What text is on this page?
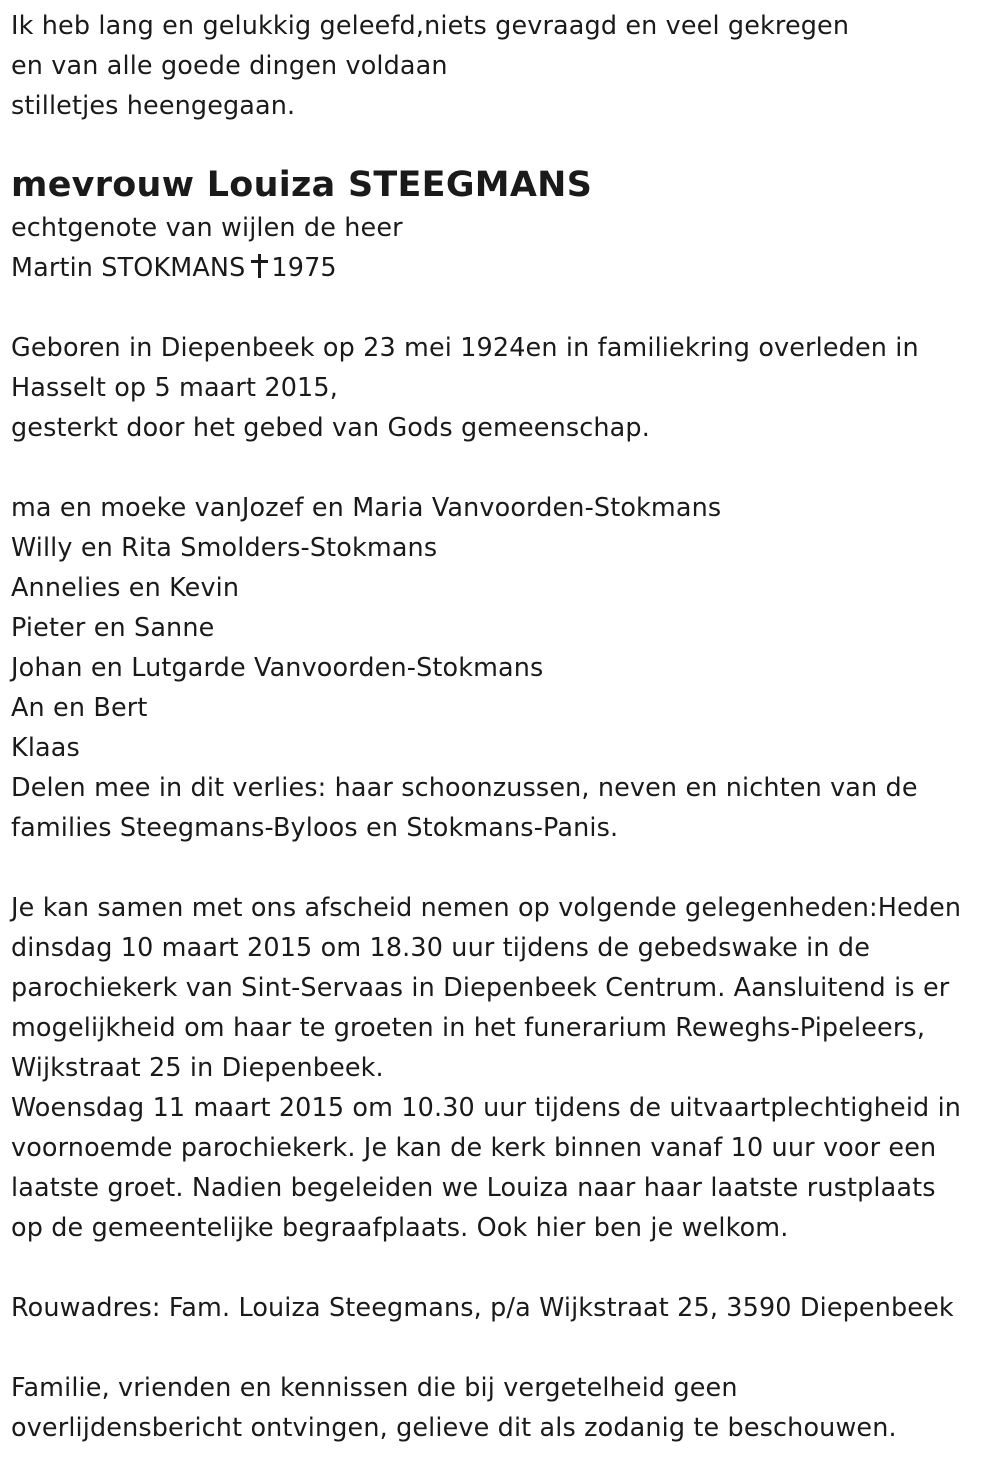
Ik heb lang en gelukkig geleefd,niets gevraagd en veel gekregen
en van alle goede dingen voldaan
stilletjes heengegaan.
mevrouw Louiza STEEGMANS
echtgenote van wijlen de heer
Martin STOKMANS 1975
Geboren in Diepenbeek op 23 mei 1924en in familiekring overleden in
Hasselt op 5 maart 2015,
gesterkt door het gebed van Gods gemeenschap.
ma en moeke vanJozef en Maria Vanvoorden-Stokmans
Willy en Rita Smolders-Stokmans
Annelies en Kevin
Pieter en Sanne
Johan en Lutgarde Vanvoorden-Stokmans
An en Bert
Klaas
Delen mee in dit verlies: haar schoonzussen, neven en nichten van de
families Steegmans-Byloos en Stokmans-Panis.
Je kan samen met ons afscheid nemen op volgende gelegenheden:Heden
dinsdag 10 maart 2015 om 18.30 uur tijdens de gebedswake in de
parochiekerk van Sint-Servaas in Diepenbeek Centrum. Aansluitend is er
mogelijkheid om haar te groeten in het funerarium Reweghs-Pipeleers,
Wijkstraat 25 in Diepenbeek.
Woensdag 11 maart 2015 om 10.30 uur tijdens de uitvaartplechtigheid in
voornoemde parochiekerk. Je kan de kerk binnen vanaf 10 uur voor een
laatste groet. Nadien begeleiden we Louiza naar haar laatste rustplaats
op de gemeentelijke begraafplaats. Ook hier ben je welkom.
Rouwadres: Fam. Louiza Steegmans, p/a Wijkstraat 25, 3590 Diepenbeek
Familie, vrienden en kennissen die bij vergetelheid geen
overlijdensbericht ontvingen, gelieve dit als zodanig te beschouwen.
